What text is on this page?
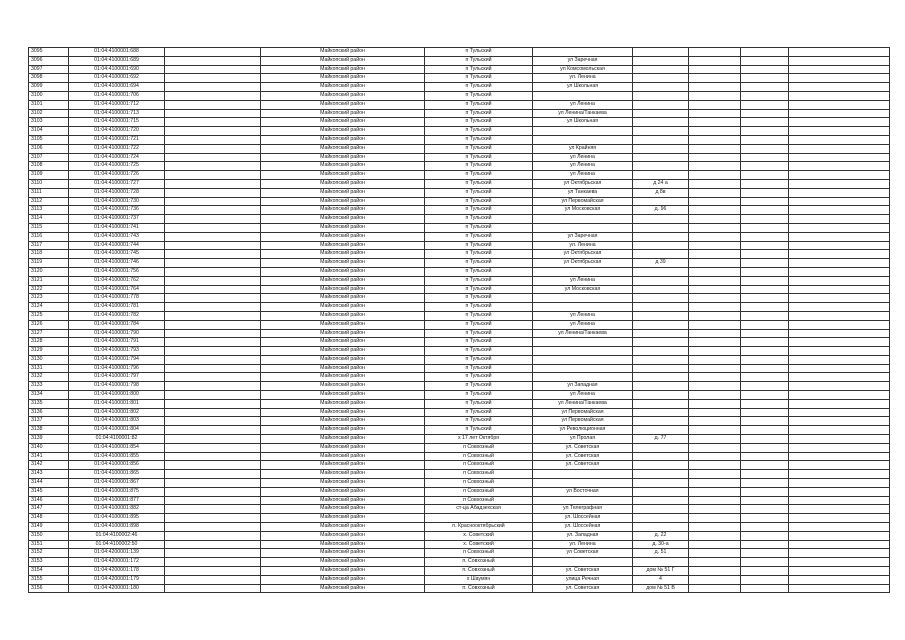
3095	01:04:4100001:688		Майкопский район	п Тульский					
3096	01:04:4100001:689		Майкопский район	п Тульский	ул Заречная				
3097	01:04:4100001:690		Майкопский район	п Тульский	ул Комсомольская				
3098	01:04:4100001:692		Майкопский район	п Тульский	ул. Ленина				
3099	01:04:4100001:694		Майкопский район	п Тульский	ул Школьная				
3100	01:04:4100001:706		Майкопский район	п Тульский					
3101	01:04:4100001:712		Майкопский район	п Тульский	ул Ленина				
3102	01:04:4100001:713		Майкопский район	п Тульский	ул Ленина/Танкаева				
3103	01:04:4100001:715		Майкопский район	п Тульский	ул Школьная				
3104	01:04:4100001:720		Майкопский район	п Тульский					
3105	01:04:4100001:721		Майкопский район	п Тульский					
3106	01:04:4100001:722		Майкопский район	п Тульский	ул Крайняя				
3107	01:04:4100001:724		Майкопский район	п Тульский	ул Ленина				
3108	01:04:4100001:725		Майкопский район	п Тульский	ул Ленина				
3109	01:04:4100001:726		Майкопский район	п Тульский	ул Ленина				
3110	01:04:4100001:727		Майкопский район	п Тульский	ул Октябрьская	д 24 а			
3111	01:04:4100001:728		Майкопский район	п Тульский	ул Танкаева	д 8в			
3112	01:04:4100001:730		Майкопский район	п Тульский	ул Первомайская				
3113	01:04:4100001:736		Майкопский район	п Тульский	ул Московская	д. 96			
3114	01:04:4100001:737		Майкопский район	п Тульский					
3115	01:04:4100001:741		Майкопский район	п Тульский					
3116	01:04:4100001:743		Майкопский район	п Тульский	ул Заречная				
3117	01:04:4100001:744		Майкопский район	п Тульский	ул. Ленина				
3118	01:04:4100001:745		Майкопский район	п Тульский	ул Октябрьская				
3119	01:04:4100001:746		Майкопский район	п Тульский	ул Октябрьская	д 39			
3120	01:04:4100001:756		Майкопский район	п Тульский					
3121	01:04:4100001:762		Майкопский район	п Тульский	ул Ленина				
3122	01:04:4100001:764		Майкопский район	п Тульский	ул Московская				
3123	01:04:4100001:778		Майкопский район	п Тульский					
3124	01:04:4100001:781		Майкопский район	п Тульский					
3125	01:04:4100001:782		Майкопский район	п Тульский	ул Ленина				
3126	01:04:4100001:784		Майкопский район	п Тульский	ул Ленина				
3127	01:04:4100001:790		Майкопский район	п Тульский	ул Ленина/Танкаева				
3128	01:04:4100001:791		Майкопский район	п Тульский					
3129	01:04:4100001:793		Майкопский район	п Тульский					
3130	01:04:4100001:794		Майкопский район	п Тульский					
3131	01:04:4100001:796		Майкопский район	п Тульский					
3132	01:04:4100001:797		Майкопский район	п Тульский					
3133	01:04:4100001:798		Майкопский район	п Тульский	ул Западная				
3134	01:04:4100001:800		Майкопский район	п Тульский	ул Ленина				
3135	01:04:4100001:801		Майкопский район	п Тульский	ул Ленина/Танкаева				
3136	01:04:4100001:802		Майкопский район	п Тульский	ул Первомайская				
3137	01:04:4100001:803		Майкопский район	п Тульский	ул Первомайская				
3138	01:04:4100001:804		Майкопский район	п Тульский	ул Революционная				
3139	01:04:4100001:82		Майкопский район	х 17 лет Октября	ул Пролая	д. 77			
3140	01:04:4100001:854		Майкопский район	п Совхозный	ул. Советская				
3141	01:04:4100001:855		Майкопский район	п Совхозный	ул. Советская				
3142	01:04:4100001:856		Майкопский район	п Совхозный	ул. Советская				
3143	01:04:4100001:865		Майкопский район	п Совхозный					
3144	01:04:4100001:867		Майкопский район	п Совхозный					
3145	01:04:4100001:875		Майкопский район	п Совхозный	ул Восточная				
3146	01:04:4100001:877		Майкопский район	п Совхозный					
3147	01:04:4100001:882		Майкопский район	ст-ца Абадзехская	ул Телеграфная				
3148	01:04:4100001:895		Майкопский район		ул. Шоссейная				
3149	01:04:4100001:898		Майкопский район	п. Краснооктябрьский	ул. Шоссейная				
3150	01:04:4100002:46		Майкопский район	х. Советский	ул. Западная	д. 22			
3151	01:04:4100002:50		Майкопский район	х. Советский	ул. Ленина	д. 30-а			
3152	01:04:4200001:139		Майкопский район	п Совхозный	ул Советская	д. 51			
3153	01:04:4200001:172		Майкопский район	п. Совхозный					
3154	01:04:4200001:178		Майкопский район	п. Совхозный	ул. Советская	дом № 51 Г			
3155	01:04:4200001:179		Майкопский район	х Шаумян	улица Речная	4			
3156	01:04:4200001:180		Майкопский район	п. Совхозный	ул. Советская	дом № 51 В			
